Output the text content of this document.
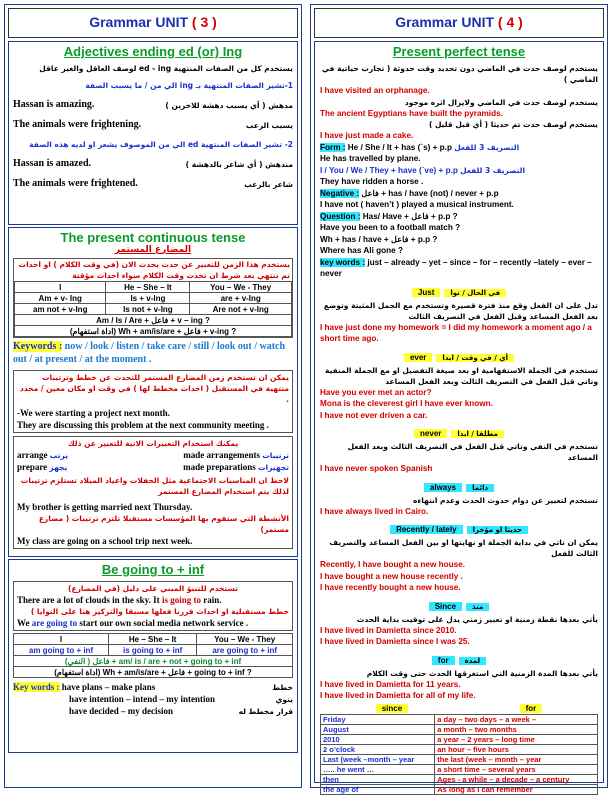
Grammar UNIT ( 3 )
Adjectives ending ed (or) Ing
يستخدم كل من الصفات المنتهية ed - ing لوصف العاقل والغير عاقل
1-تشير الصفات المنتهية بـ ing الي من / ما يسبب الصفة
Hassan is amazing.	مدهش ( أي يسبب دهشة للاخرين )
The animals were frightening.	يسبب الرعب
2- تشير الصفات المنتهية ed الي من الموصوف يشعر او لديه هذه الصفة
Hassan is amazed.	مندهش ( أي شاعر بالدهشة )
The animals were frightened.	شاعر بالرعب
The present continuous tense
المضارع المستمر
يستخدم هذا الزمن للتعبير عن حدث يحدث الان (في وقت الكلام ) او احداث تم تنتهي بعد شرط ان تحدث وقت الكلام سواء احداث مؤقتة
I	He – She – It	You – We - They
Am + v- Ing	Is + v-Ing	are + v-Ing
am not + v-Ing	Is not + v-Ing	Are not + v-Ing
Am / Is / Are + فاعل + v – ing ?		
(اداة استفهام) Wh + am/is/are + فاعل + v-ing ?		
Keywords : now / look / listen / take care / still / look out / watch out / at present / at the moment .
يمكن ان تستخدم زمن المضارع المستمر للتحدث عن خطط وترتيبات منتهية في المستقبل ( احداث مخطط لها ) في وقت او مكان معين / محدد .
-We were starting a project next month.
They are discussing this problem at the next community meeting .
يمكنك استخدام التعبيرات الاتية للتعبير عن ذلك
arrange يرتب	made arrangements ترتيبات
prepare يجهز	made preparations تجهيزات
لاحظ ان المناسبات الاجتماعية مثل الحفلات واعياد الميلاد تستلزم ترتيبات لذلك يتم استخدام المضارع المستمر
My brother is getting married next Thursday.
الأنشطة التي ستقوم بها المؤسسات مستقبلا تلتزم ترتيبات ( مضارع مستمر)
My class are going on a school trip next week.
Be going to + inf
تستخدم للتنبؤ المبني على دليل (في المضارع)
There are a lot of clouds in the sky. It is going to rain.
خطط مستقبلية او احداث قررنا فعلها مسبقا والتركيز هنا على النوايا )
We are going to start our own social media network service .
I	He – She – It	You – We - They
am going to + inf	is going to + inf	are going to + inf
(النفي ) فاعل + am/ is / are + not + going to + inf		
(اداة استفهام) Wh + am/is/are + فاعل + going to + inf ?		
Key words : have plans – make plans	خطط
have intention – intend – my intention	ينوي
have decided – my decision	قرار مخطط له
Grammar UNIT ( 4 )
Present perfect tense
يستخدم لوصف حدث في الماضي دون تحديد وقت حدوثة ( تجارب حياتية في الماضي )
I have visited an orphanage.
يستخدم لوصف حدث في الماضي ولايزال اثره موجود
The ancient Egyptians have built the pyramids.
يستخدم لوصف حدث تم حديثا ( أي قبل قليل )
I have just made a cake.
Form : He / She / It + has (`s) + p.p التصريف 3 للفعل
He has travelled by plane.
I / You / We / They + have (`ve) + p.p التصريف 3 للفعل
They have ridden a horse .
Negative : فاعل + has / have (not) / never + p.p
I have not ( haven’t ) played a musical instrument.
Question : Has/ Have + فاعل + p.p ?
Have you been to a football match ?
Wh + has / have + فاعل + p.p ?
Where has Ali gone ?
key words : just – already – yet – since – for – recently –lately – ever – never
Just في الحال / توا
تدل على ان الفعل وقع منذ فترة قصيرة وتستخدم مع الجمل المثبتة وتوضع بعد الفعل المساعد وقبل الفعل في التصريف الثالث
I have just done my homework = I did my homework a moment ago / a short time ago.
ever أي / في وقت / ابدا
تستخدم في الجملة الاستفهامية او بعد صيغة التفضيل او مع الجملة المنفية وتاتي قبل الفعل في التصريف الثالث وبعد الفعل المساعد
Have you ever met an actor?
Mona is the cleverest girl I have ever known.
I have not ever driven a car.
never مطلقا / ابدا
تستخدم في النفي وتاتي قبل الفعل في التصريف الثالث وبعد الفعل المساعد
I have never spoken Spanish
always دائما
تستخدم لتعبير عن دوام حدوث الحدث وعدم انتهاءه
I have always lived in Cairo.
Recently / lately حديثا او مؤخرا
يمكن ان تاتي في بداية الجملة او نهايتها او بين الفعل المساعد والتصريف الثالث للفعل
Recently, I have bought a new house.
I have bought a new house recently .
I have recently bought a new house.
Since منذ
يأتي بعدها نقطة زمنية او تعبير زمني يدل على توقيت بداية الحدث
I have lived in Damietta since 2010.
I have lived in Damietta since I was 25.
for لمدة
يأتي بعدها المدة الزمنية التي استغرقها الحدث حتى وقت الكلام
I have lived in Damietta for 11 years.
I have lived in Damietta for all of my life.
since	for
Friday	a day – two days – a week –
August	a month – two months
2010	a year – 2 years – long time
2 o’clock	an hour – five hours
Last (week –month – year	the last (week – month – year
….. he went …	a short time – several years
then	Ages - a while – a decade – a century
the age of	As long as I can remember
